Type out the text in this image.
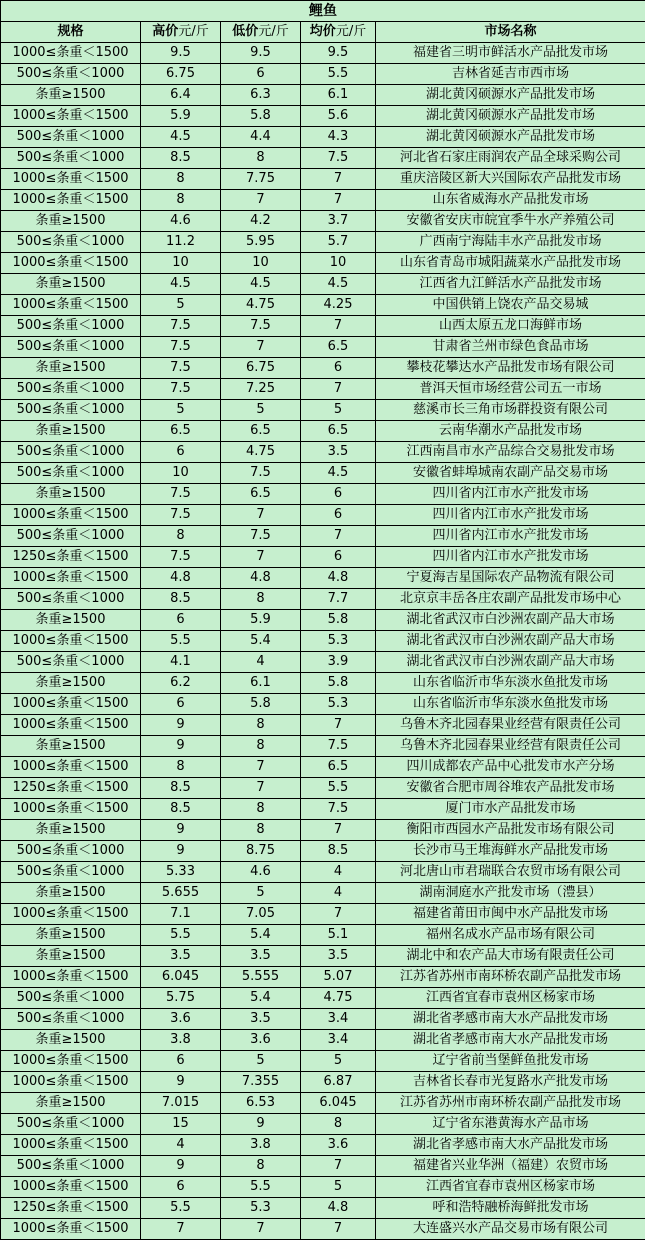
鲤鱼				
规格	高价元/斤	低价元/斤	均价元/斤	市场名称
1000≤条重＜1500	9.5	9.5	9.5	福建省三明市鲜活水产品批发市场
500≤条重＜1000	6.75	6	5.5	吉林省延吉市西市场
条重≥1500	6.4	6.3	6.1	湖北黄冈硕源水产品批发市场
1000≤条重＜1500	5.9	5.8	5.6	湖北黄冈硕源水产品批发市场
500≤条重＜1000	4.5	4.4	4.3	湖北黄冈硕源水产品批发市场
500≤条重＜1000	8.5	8	7.5	河北省石家庄雨润农产品全球采购公司
1000≤条重＜1500	8	7.75	7	重庆涪陵区新大兴国际农产品批发市场
1000≤条重＜1500	8	7	7	山东省威海水产品批发市场
条重≥1500	4.6	4.2	3.7	安徽省安庆市皖宜季牛水产养殖公司
500≤条重＜1000	11.2	5.95	5.7	广西南宁海陆丰水产品批发市场
1000≤条重＜1500	10	10	10	山东省青岛市城阳蔬菜水产品批发市场
条重≥1500	4.5	4.5	4.5	江西省九江鲜活水产品批发市场
1000≤条重＜1500	5	4.75	4.25	中国供销上饶农产品交易城
500≤条重＜1000	7.5	7.5	7	山西太原五龙口海鲜市场
500≤条重＜1000	7.5	7	6.5	甘肃省兰州市绿色食品市场
条重≥1500	7.5	6.75	6	攀枝花攀达水产品批发市场有限公司
500≤条重＜1000	7.5	7.25	7	普洱天恒市场经营公司五一市场
500≤条重＜1000	5	5	5	慈溪市长三角市场群投资有限公司
条重≥1500	6.5	6.5	6.5	云南华潮水产品批发市场
500≤条重＜1000	6	4.75	3.5	江西南昌市水产品综合交易批发市场
500≤条重＜1000	10	7.5	4.5	安徽省蚌埠城南农副产品交易市场
条重≥1500	7.5	6.5	6	四川省内江市水产批发市场
1000≤条重＜1500	7.5	7	6	四川省内江市水产批发市场
500≤条重＜1000	8	7.5	7	四川省内江市水产批发市场
1250≤条重＜1500	7.5	7	6	四川省内江市水产批发市场
1000≤条重＜1500	4.8	4.8	4.8	宁夏海吉星国际农产品物流有限公司
500≤条重＜1000	8.5	8	7.7	北京京丰岳各庄农副产品批发市场中心
条重≥1500	6	5.9	5.8	湖北省武汉市白沙洲农副产品大市场
1000≤条重＜1500	5.5	5.4	5.3	湖北省武汉市白沙洲农副产品大市场
500≤条重＜1000	4.1	4	3.9	湖北省武汉市白沙洲农副产品大市场
条重≥1500	6.2	6.1	5.8	山东省临沂市华东淡水鱼批发市场
1000≤条重＜1500	6	5.8	5.3	山东省临沂市华东淡水鱼批发市场
1000≤条重＜1500	9	8	7	乌鲁木齐北园春果业经营有限责任公司
条重≥1500	9	8	7.5	乌鲁木齐北园春果业经营有限责任公司
1000≤条重＜1500	8	7	6.5	四川成都农产品中心批发市水产分场
1250≤条重＜1500	8.5	7	5.5	安徽省合肥市周谷堆农产品批发市场
1000≤条重＜1500	8.5	8	7.5	厦门市水产品批发市场
条重≥1500	9	8	7	衡阳市西园水产品批发市场有限公司
500≤条重＜1000	9	8.75	8.5	长沙市马王堆海鲜水产品批发市场
500≤条重＜1000	5.33	4.6	4	河北唐山市君瑞联合农贸市场有限公司
条重≥1500	5.655	5	4	湖南洞庭水产批发市场（澧县）
1000≤条重＜1500	7.1	7.05	7	福建省莆田市闽中水产品批发市场
条重≥1500	5.5	5.4	5.1	福州名成水产品市场有限公司
条重≥1500	3.5	3.5	3.5	湖北中和农产品大市场有限责任公司
1000≤条重＜1500	6.045	5.555	5.07	江苏省苏州市南环桥农副产品批发市场
500≤条重＜1000	5.75	5.4	4.75	江西省宜春市袁州区杨家市场
500≤条重＜1000	3.6	3.5	3.4	湖北省孝感市南大水产品批发市场
条重≥1500	3.8	3.6	3.4	湖北省孝感市南大水产品批发市场
1000≤条重＜1500	6	5	5	辽宁省前当堡鲜鱼批发市场
1000≤条重＜1500	9	7.355	6.87	吉林省长春市光复路水产批发市场
条重≥1500	7.015	6.53	6.045	江苏省苏州市南环桥农副产品批发市场
500≤条重＜1000	15	9	8	辽宁省东港黄海水产品市场
1000≤条重＜1500	4	3.8	3.6	湖北省孝感市南大水产品批发市场
500≤条重＜1000	9	8	7	福建省兴业华洲（福建）农贸市场
1000≤条重＜1500	6	5.5	5	江西省宜春市袁州区杨家市场
1250≤条重＜1500	5.5	5.3	4.8	呼和浩特融桥海鲜批发市场
1000≤条重＜1500	7	7	7	大连盛兴水产品交易市场有限公司
